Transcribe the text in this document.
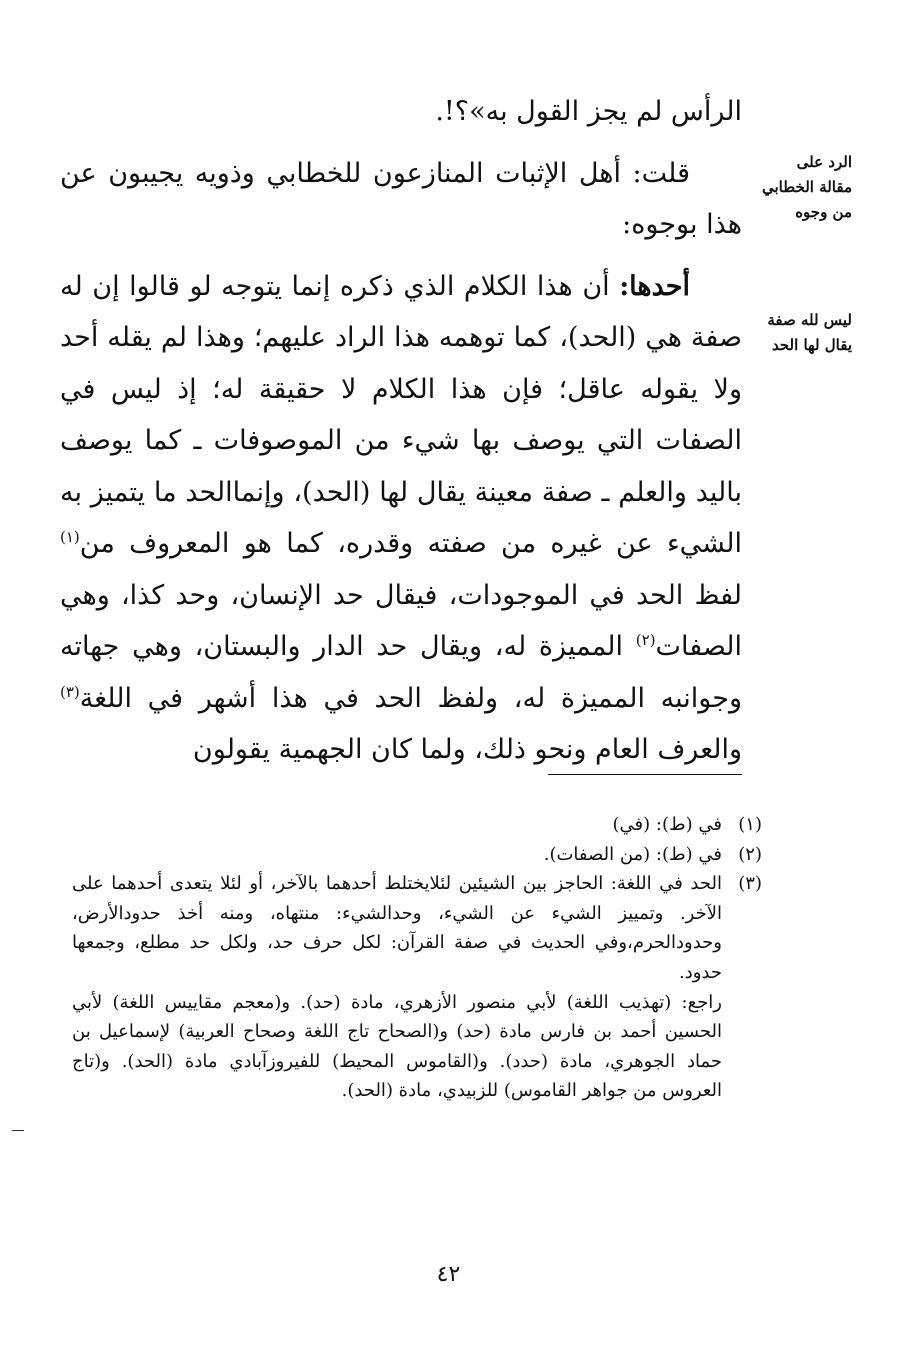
الرأس لم يجز القول به»؟!.

قلت: أهل الإثبات المنازعون للخطابي وذويه يجيبون عن هذا بوجوه:

أحدها: أن هذا الكلام الذي ذكره إنما يتوجه لو قالوا إن له صفة هي (الحد)، كما توهمه هذا الراد عليهم؛ وهذا لم يقله أحد ولا يقوله عاقل؛ فإن هذا الكلام لا حقيقة له؛ إذ ليس في الصفات التي يوصف بها شيء من الموصوفات ـ كما يوصف باليد والعلم ـ صفة معينة يقال لها (الحد)، وإنماالحد ما يتميز به الشيء عن غيره من صفته وقدره، كما هو المعروف من$^{(١)}$ لفظ الحد في الموجودات، فيقال حد الإنسان، وحد كذا، وهي الصفات$^{(٢)}$ المميزة له، ويقال حد الدار والبستان، وهي جهاته وجوانبه المميزة له، ولفظ الحد في هذا أشهر في اللغة$^{(٣)}$ والعرف العام ونحو ذلك، ولما كان الجهمية يقولون

الرد على مقالة الخطابي من وجوه
ليس لله صفة يقال لها الحد
(١)
في (ط): (في)
(٢)
في (ط): (من الصفات).
(٣)
الحد في اللغة: الحاجز بين الشيئين لئلايختلط أحدهما بالآخر، أو لئلا يتعدى أحدهما على الآخر. وتمييز الشيء عن الشيء، وحدالشيء: منتهاه، ومنه أخذ حدودالأرض، وحدودالحرم،وفي الحديث في صفة القرآن: لكل حرف حد، ولكل حد مطلع، وجمعها حدود.
راجع: (تهذيب اللغة) لأبي منصور الأزهري، مادة (حد). و(معجم مقاييس اللغة) لأبي الحسين أحمد بن فارس مادة (حد) و(الصحاح تاج اللغة وصحاح العربية) لإسماعيل بن حماد الجوهري، مادة (حدد). و(القاموس المحيط) للفيروزآبادي مادة (الحد). و(تاج العروس من جواهر القاموس) للزبيدي، مادة (الحد).
٤٢
